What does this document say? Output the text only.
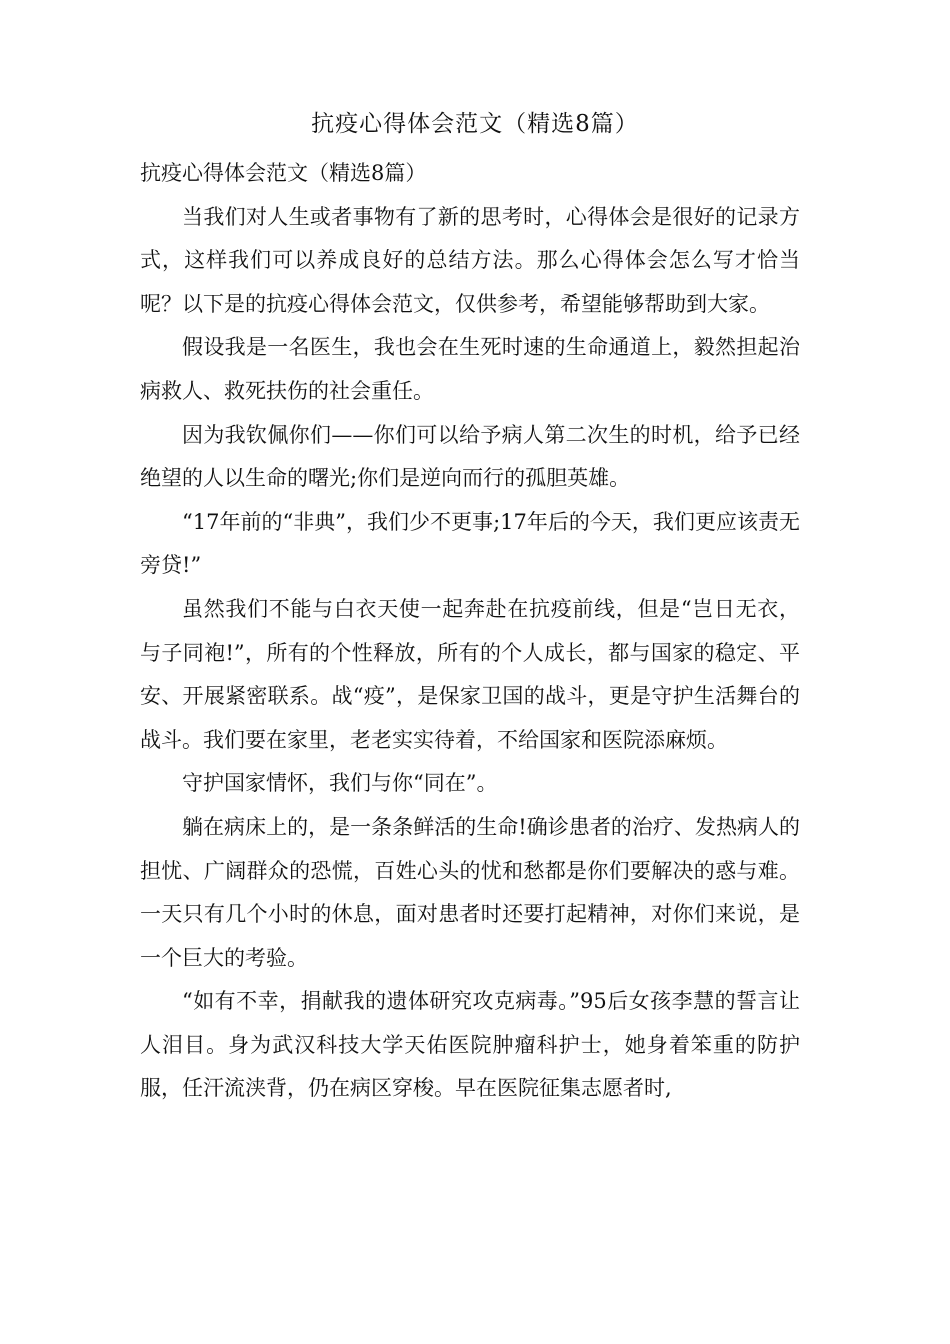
抗疫心得体会范文（精选8篇）

抗疫心得体会范文（精选8篇）

当我们对人生或者事物有了新的思考时，心得体会是很好的记录方式，这样我们可以养成良好的总结方法。那么心得体会怎么写才恰当呢？以下是的抗疫心得体会范文，仅供参考，希望能够帮助到大家。

假设我是一名医生，我也会在生死时速的生命通道上，毅然担起治病救人、救死扶伤的社会重任。

因为我钦佩你们——你们可以给予病人第二次生的时机，给予已经绝望的人以生命的曙光;你们是逆向而行的孤胆英雄。

“17年前的“非典”，我们少不更事;17年后的今天，我们更应该责无旁贷!”

虽然我们不能与白衣天使一起奔赴在抗疫前线，但是“岂日无衣，与子同袍!”，所有的个性释放，所有的个人成长，都与国家的稳定、平安、开展紧密联系。战“疫”，是保家卫国的战斗，更是守护生活舞台的战斗。我们要在家里，老老实实待着，不给国家和医院添麻烦。

守护国家情怀，我们与你“同在”。

躺在病床上的，是一条条鲜活的生命!确诊患者的治疗、发热病人的担忧、广阔群众的恐慌，百姓心头的忧和愁都是你们要解决的惑与难。一天只有几个小时的休息，面对患者时还要打起精神，对你们来说，是一个巨大的考验。

“如有不幸，捐献我的遗体研究攻克病毒。”95后女孩李慧的誓言让人泪目。身为武汉科技大学天佑医院肿瘤科护士，她身着笨重的防护服，任汗流浃背，仍在病区穿梭。早在医院征集志愿者时,
